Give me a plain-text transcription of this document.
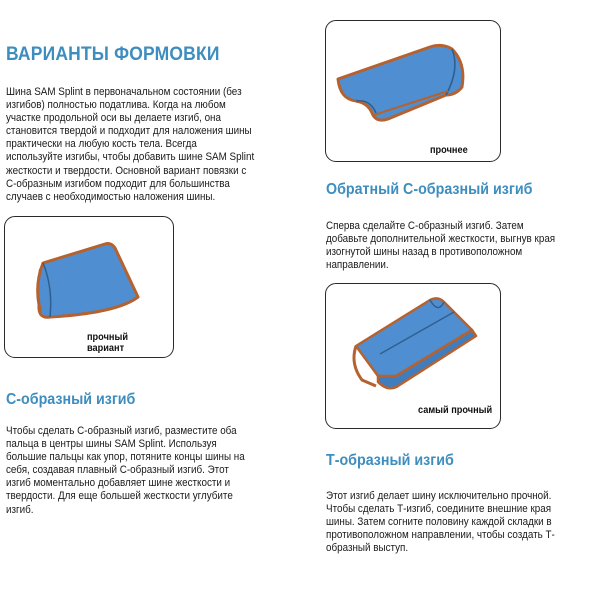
ВАРИАНТЫ ФОРМОВКИ

Шина SAM Splint в первоначальном состоянии (без
изгибов) полностью податлива. Когда на любом
участке продольной оси вы делаете изгиб, она
становится твердой и подходит для наложения шины
практически на любую кость тела. Всегда
используйте изгибы, чтобы добавить шине SAM Splint
жесткости и твердости. Основной вариант повязки с
С-образным изгибом подходит для большинства
случаев с необходимостью наложения шины.

прочный вариант
С-образный изгиб

Чтобы сделать С-образный изгиб, разместите оба
пальца в центры шины SAM Splint. Используя
большие пальцы как упор, потяните концы шины на
себя, создавая плавный С-образный изгиб. Этот
изгиб моментально добавляет шине жесткости и
твердости. Для еще большей жесткости углубите
изгиб.

прочнее
Обратный С-образный изгиб

Сперва сделайте С-образный изгиб. Затем
добавьте дополнительной жесткости, выгнув края
изогнутой шины назад в противоположном
направлении.

самый прочный
Т-образный изгиб

Этот изгиб делает шину исключительно прочной.
Чтобы сделать Т-изгиб, соедините внешние края
шины. Затем согните половину каждой складки в
противоположном направлении, чтобы создать Т-
образный выступ.
